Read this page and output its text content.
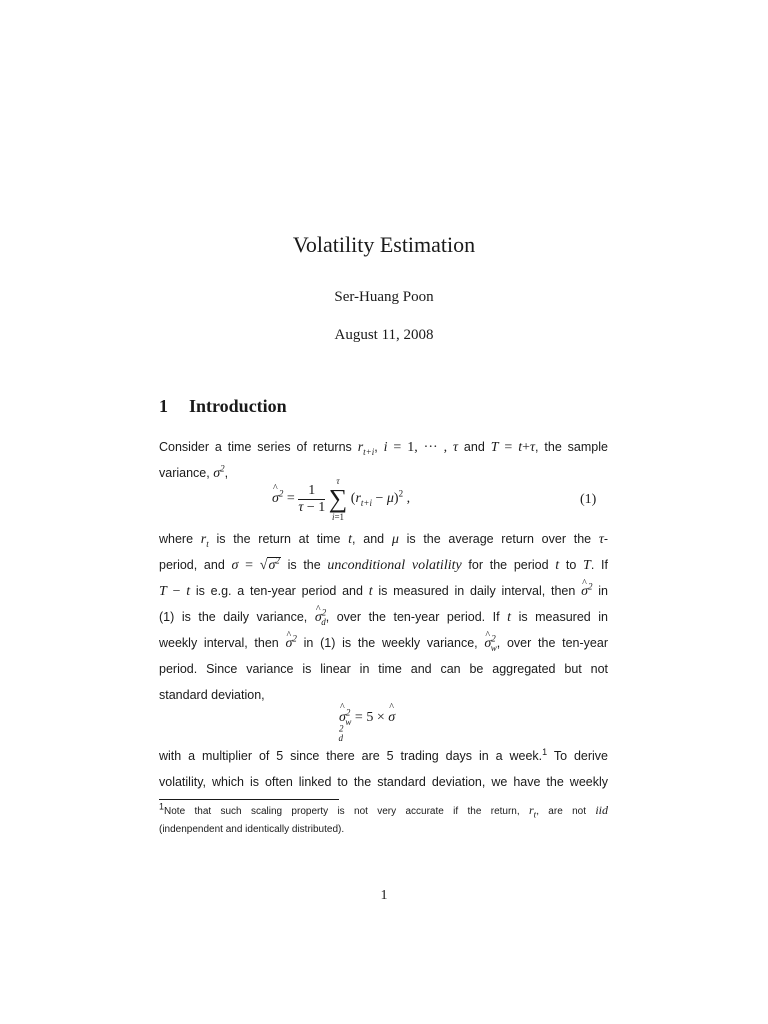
Volatility Estimation
Ser-Huang Poon
August 11, 2008
1 Introduction
Consider a time series of returns $r_{t+i}$, i = 1, ··· , τ and T = t+τ, the sample
variance, $\sigma^2$,
^ $\sigma^2 = \frac{1}{\tau - 1}$

τ
∑
i=1
$(r_{t+i} - \mu)^2$ ,	(1)
where $r_t$ is the return at time t, and μ is the average return over the τ-
period, and $\sigma = √\sigma^2$ is the unconditional volatility for the period t to T. If
T − t is e.g. a ten-year period and t is measured in daily interval, then ^ $\sigma^2$ in
(1) is the daily variance, ^ $\sigma^2_d$, over the ten-year period. If t is measured in
weekly interval, then ^ $\sigma^2$ in (1) is the weekly variance, ^ $\sigma^2_w$, over the ten-year
period. Since variance is linear in time and can be aggregated but not
standard deviation,
^ $\sigma^2_w = 5$ × ^ $\sigma^2_d$
with a multiplier of 5 since there are 5 trading days in a week.$^1$ To derive
volatility, which is often linked to the standard deviation, we have the weekly
$^1$Note that such scaling property is not very accurate if the return, $r_t$, are not iid
(indenpendent and identically distributed).
1
